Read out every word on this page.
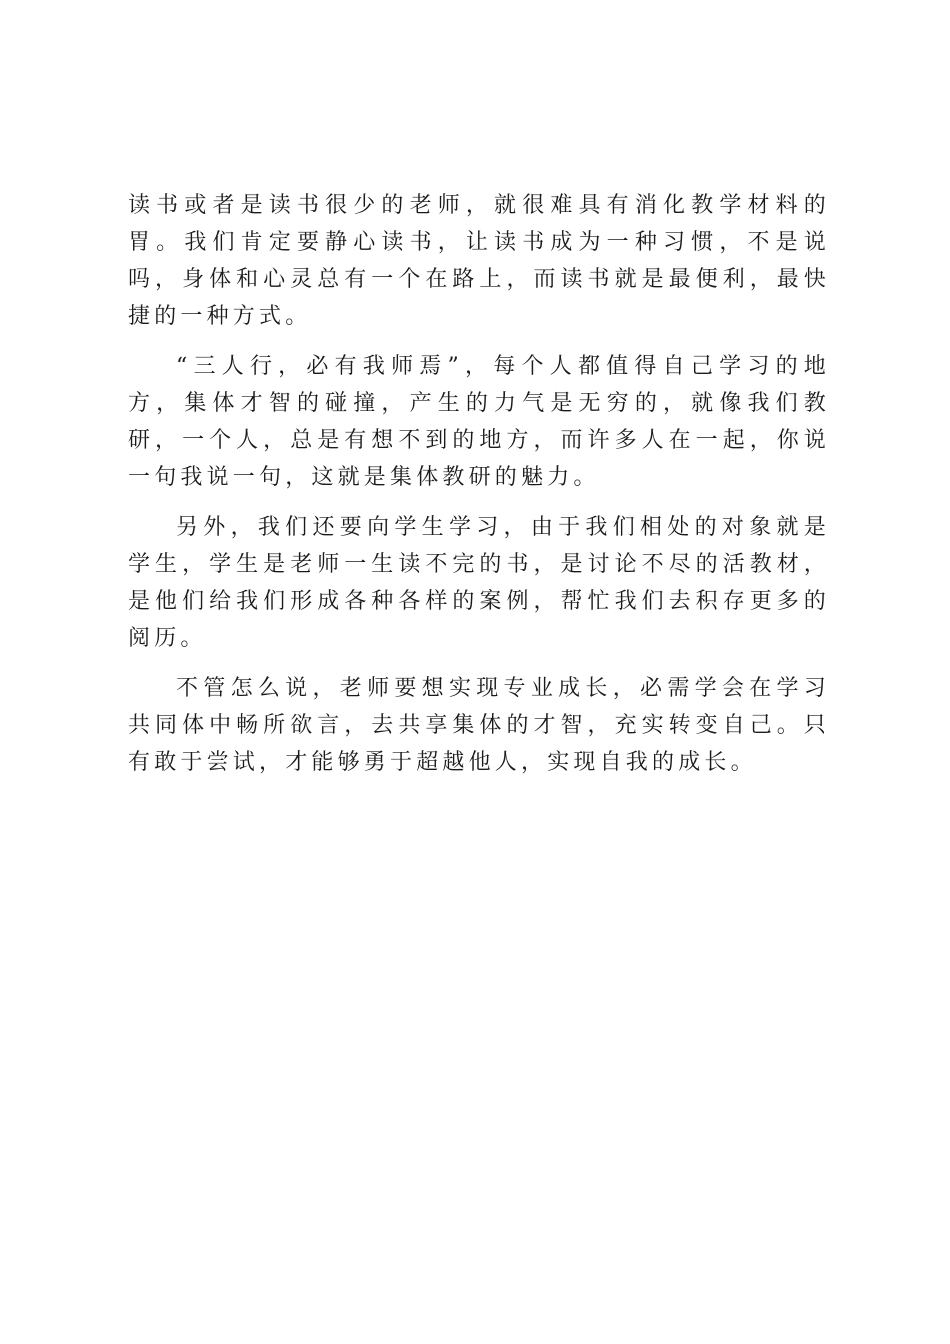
读书或者是读书很少的老师，就很难具有消化教学材料的胃。我们肯定要静心读书，让读书成为一种习惯，不是说吗，身体和心灵总有一个在路上，而读书就是最便利，最快捷的一种方式。

“三人行，必有我师焉”，每个人都值得自己学习的地方，集体才智的碰撞，产生的力气是无穷的，就像我们教研，一个人，总是有想不到的地方，而许多人在一起，你说一句我说一句，这就是集体教研的魅力。

另外，我们还要向学生学习，由于我们相处的对象就是学生，学生是老师一生读不完的书，是讨论不尽的活教材，是他们给我们形成各种各样的案例，帮忙我们去积存更多的阅历。

不管怎么说，老师要想实现专业成长，必需学会在学习共同体中畅所欲言，去共享集体的才智，充实转变自己。只有敢于尝试，才能够勇于超越他人，实现自我的成长。
